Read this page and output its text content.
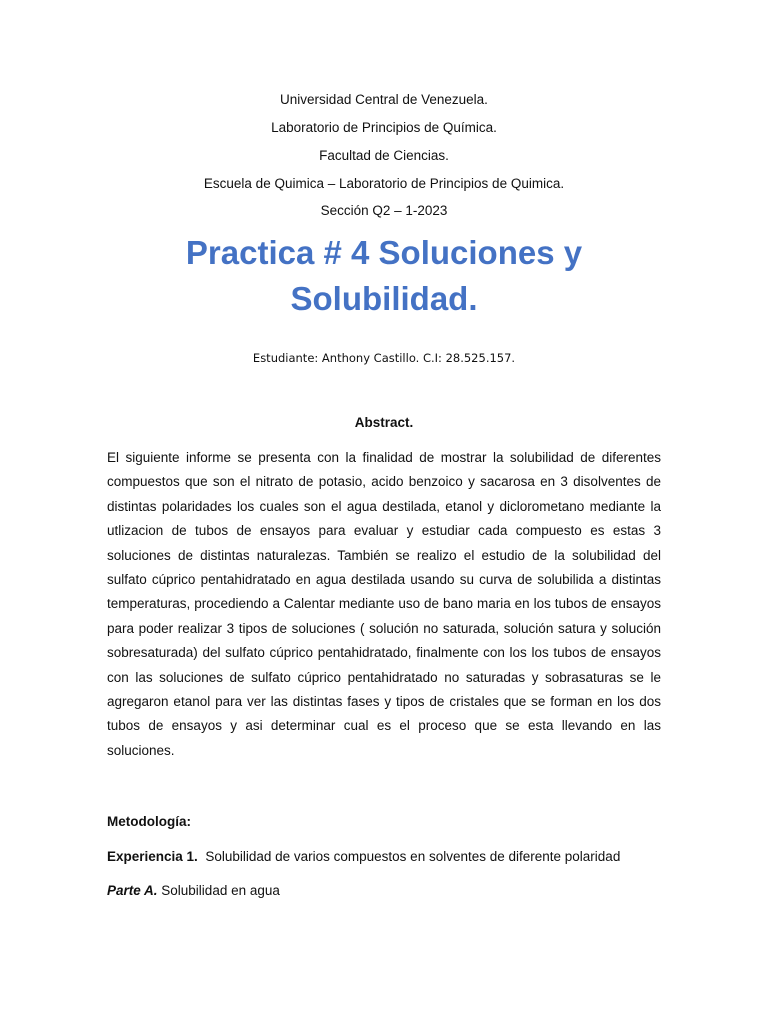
Universidad Central de Venezuela.
Laboratorio de Principios de Química.
Facultad de Ciencias.
Escuela de Quimica – Laboratorio de Principios de Quimica.
Sección Q2 – 1-2023
Practica # 4 Soluciones y
Solubilidad.
Estudiante: Anthony Castillo. C.I: 28.525.157.
Abstract.
El siguiente informe se presenta con la finalidad de mostrar la solubilidad de diferentes compuestos que son el nitrato de potasio, acido benzoico y sacarosa en 3 disolventes de distintas polaridades los cuales son el agua destilada, etanol y diclorometano mediante la utlizacion de tubos de ensayos para evaluar y estudiar cada compuesto es estas 3 soluciones de distintas naturalezas. También se realizo el estudio de la solubilidad del sulfato cúprico pentahidratado en agua destilada usando su curva de solubilida a distintas temperaturas, procediendo a Calentar mediante uso de bano maria en los tubos de ensayos para poder realizar 3 tipos de soluciones ( solución no saturada, solución satura y solución sobresaturada) del sulfato cúprico pentahidratado, finalmente con los los tubos de ensayos con las soluciones de sulfato cúprico pentahidratado no saturadas y sobrasaturas se le agregaron etanol para ver las distintas fases y tipos de cristales que se forman en los dos tubos de ensayos y asi determinar cual es el proceso que se esta llevando en las soluciones.
Metodología:
Experiencia 1.  Solubilidad de varios compuestos en solventes de diferente polaridad
Parte A. Solubilidad en agua
